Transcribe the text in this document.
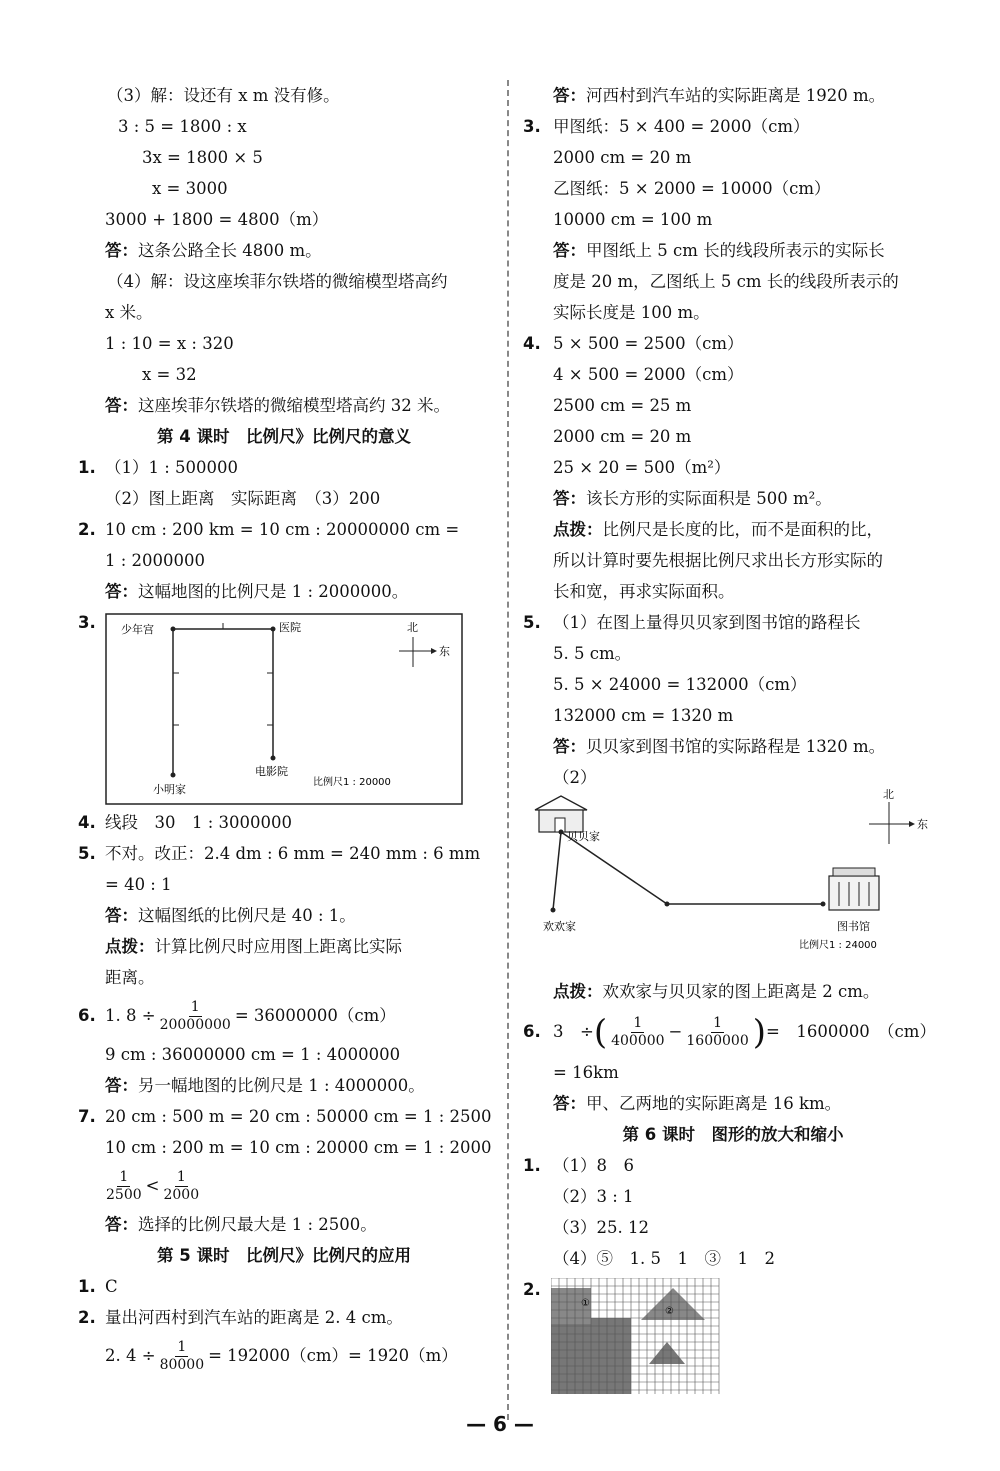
（3）解：设还有 x m 没有修。
3 : 5 = 1800 : x
3x = 1800 × 5
x = 3000
3000 + 1800 = 4800（m）
答：这条公路全长 4800 m。
（4）解：设这座埃菲尔铁塔的微缩模型塔高约
x 米。
1 : 10 = x : 320
x = 32
答：这座埃菲尔铁塔的微缩模型塔高约 32 米。
第 4 课时　比例尺》比例尺的意义
1. （1）1 : 500000
（2）图上距离　实际距离　（3）200
2. 10 cm : 200 km = 10 cm : 20000000 cm =
1 : 2000000
答：这幅地图的比例尺是 1 : 2000000。
3. 少年宫	医院
电影院
小明家
北
东
比例尺1 : 20000
4. 线段　30　1 : 3000000
5. 不对。改正：2.4 dm : 6 mm = 240 mm : 6 mm
= 40 : 1
答：这幅图纸的比例尺是 40 : 1。
点拨：计算比例尺时应用图上距离比实际
距离。
6. 1. $8 \div \frac{1}{20000000} = 36000000(cm)$
9 cm : 36000000 cm = 1 : 4000000
答：另一幅地图的比例尺是 1 : 4000000。
7. 20 cm : 500 m = 20 cm : 50000 cm = 1 : 2500
10 cm : 200 m = 10 cm : 20000 cm = 1 : 2000
$\frac{1}{2500} < \frac{1}{2000}$
答：选择的比例尺最大是 1 : 2500。
第 5 课时　比例尺》比例尺的应用
1. C
2. 量出河西村到汽车站的距离是 2. 4 cm。
2. $4 \div \frac{1}{80000} = 192000(cm)= 1920(m)$
答：河西村到汽车站的实际距离是 1920 m。
3. 甲图纸：5 × 400 = 2000（cm）
2000 cm = 20 m
乙图纸：5 × 2000 = 10000（cm）
10000 cm = 100 m
答：甲图纸上 5 cm 长的线段所表示的实际长
度是 20 m，乙图纸上 5 cm 长的线段所表示的
实际长度是 100 m。
4. 5 × 500 = 2500（cm）
4 × 500 = 2000（cm）
2500 cm = 25 m
2000 cm = 20 m
25 × 20 = 500（m²）
答：该长方形的实际面积是 500 m²。
点拨：比例尺是长度的比，而不是面积的比，
所以计算时要先根据比例尺求出长方形实际的
长和宽，再求实际面积。
5. （1）在图上量得贝贝家到图书馆的路程长
5. 5 cm。
5. 5 × 24000 = 132000（cm）
132000 cm = 1320 m
答：贝贝家到图书馆的实际路程是 1320 m。
（2）
贝贝家
欢欢家	图书馆
比例尺1 : 24000
北
东
点拨：欢欢家与贝贝家的图上距离是 2 cm。
6. 3　÷( $\frac{1}{400000} - \frac{1}{1600000}$ )=　1600000　（cm）
= 16km
答：甲、乙两地的实际距离是 16 km。
第 6 课时　图形的放大和缩小
1. （1）8　6
（2）3 : 1
（3）25. 12
（4）⑤　1. 5　1　③　1　2
2.
①
②
— 6 —
